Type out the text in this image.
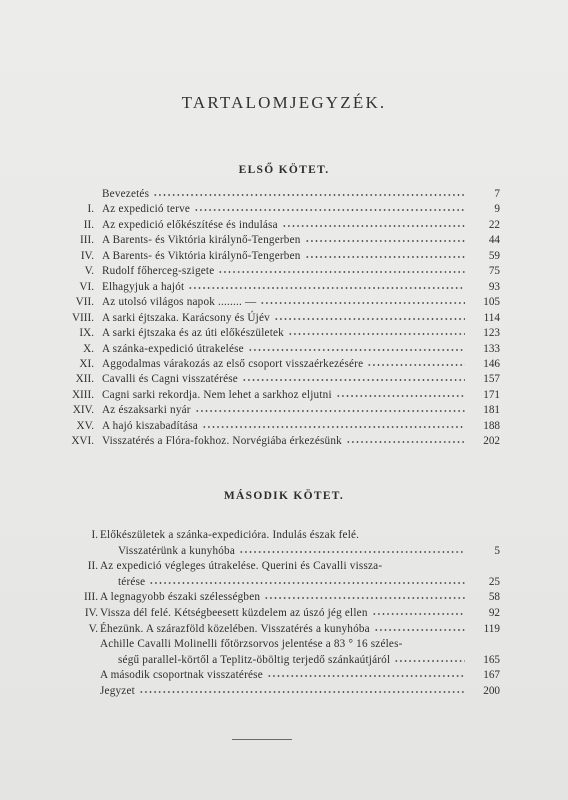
TARTALOMJEGYZÉK.
ELSŐ KÖTET.
Bevezetés	7
I. Az expedició terve	9
II. Az expedició előkészítése és indulása	22
III. A Barents- és Viktória királynő-Tengerben	44
IV. A Barents- és Viktória királynő-Tengerben	59
V. Rudolf főherceg-szigete	75
VI. Elhagyjuk a hajót	93
VII. Az utolsó világos napok ........ —	105
VIII. A sarki éjtszaka. Karácsony és Újév	114
IX. A sarki éjtszaka és az úti előkészületek	123
X. A szánka-expedició útrakelése	133
XI. Aggodalmas várakozás az első csoport visszaérkezésére	146
XII. Cavalli és Cagni visszatérése	157
XIII. Cagni sarki rekordja. Nem lehet a sarkhoz eljutni	171
XIV. Az északsarki nyár	181
XV. A hajó kiszabadítása	188
XVI. Visszatérés a Flóra-fokhoz. Norvégiába érkezésünk	202
MÁSODIK KÖTET.
I. Előkészületek a szánka-expedicióra. Indulás észak felé.
Visszatérünk a kunyhóba	5
II. Az expedició végleges útrakelése. Querini és Cavalli vissza-
térése	25
III. A legnagyobb északi szélességben	58
IV. Vissza dél felé. Kétségbeesett küzdelem az úszó jég ellen	92
V. Éhezünk. A szárazföld közelében. Visszatérés a kunyhóba	119
Achille Cavalli Molinelli főtörzsorvos jelentése a 83 ° 16 széles-
ségű parallel-körtől a Teplitz-öböltig terjedő szánkaútjáról	165
A második csoportnak visszatérése	167
Jegyzet	200
